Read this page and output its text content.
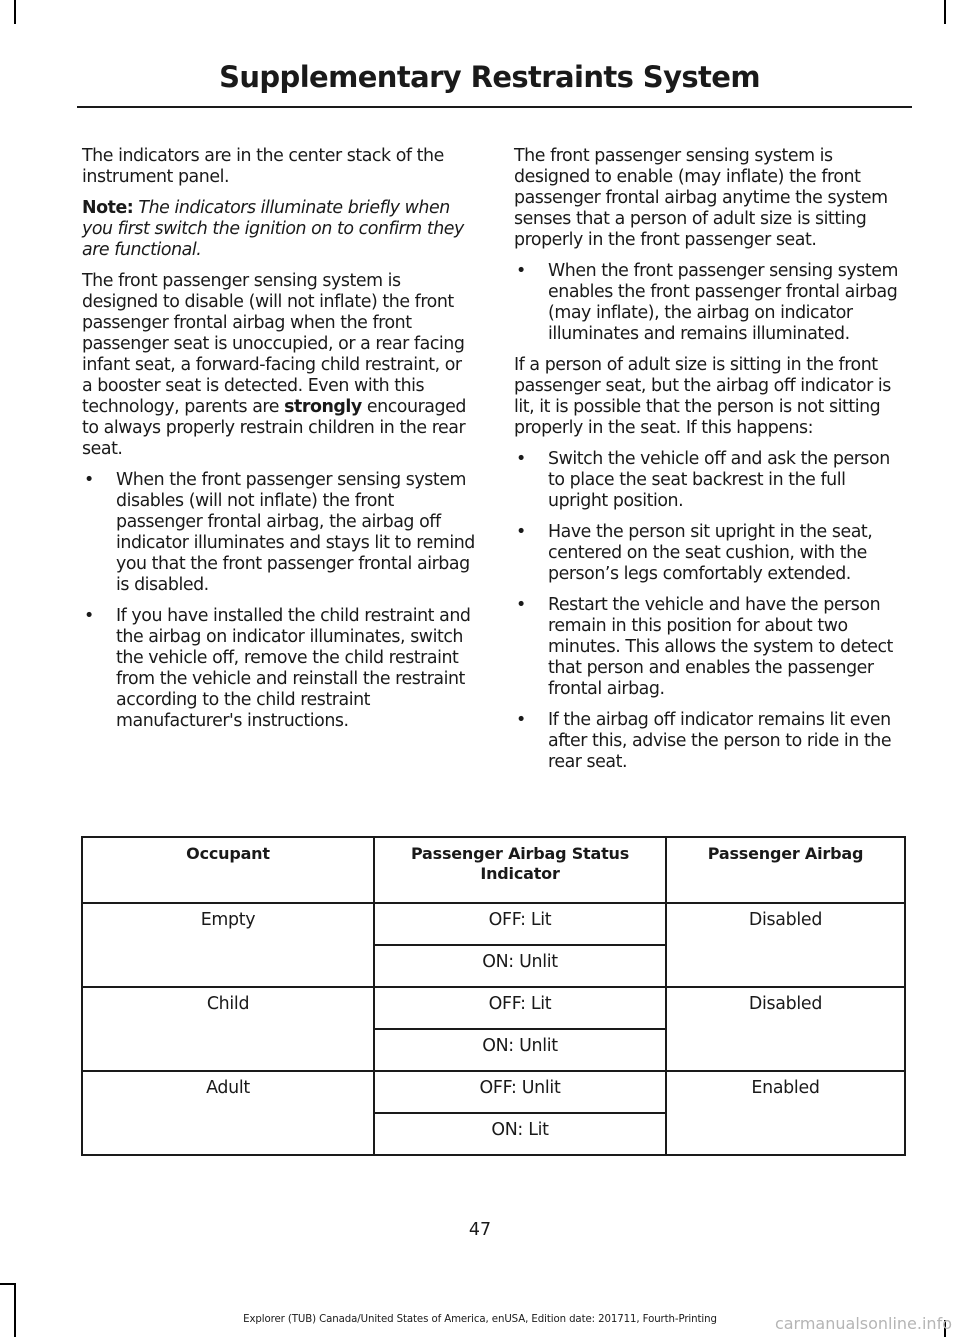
Supplementary Restraints System

The indicators are in the center stack of the instrument panel.

Note: The indicators illuminate briefly when you first switch the ignition on to confirm they are functional.

The front passenger sensing system is designed to disable (will not inflate) the front passenger frontal airbag when the front passenger seat is unoccupied, or a rear facing infant seat, a forward-facing child restraint, or a booster seat is detected. Even with this technology, parents are strongly encouraged to always properly restrain children in the rear seat.

• When the front passenger sensing system disables (will not inflate) the front passenger frontal airbag, the airbag off indicator illuminates and stays lit to remind you that the front passenger frontal airbag is disabled.
• If you have installed the child restraint and the airbag on indicator illuminates, switch the vehicle off, remove the child restraint from the vehicle and reinstall the restraint according to the child restraint manufacturer's instructions.

The front passenger sensing system is designed to enable (may inflate) the front passenger frontal airbag anytime the system senses that a person of adult size is sitting properly in the front passenger seat.

• When the front passenger sensing system enables the front passenger frontal airbag (may inflate), the airbag on indicator illuminates and remains illuminated.

If a person of adult size is sitting in the front passenger seat, but the airbag off indicator is lit, it is possible that the person is not sitting properly in the seat. If this happens:

• Switch the vehicle off and ask the person to place the seat backrest in the full upright position.
• Have the person sit upright in the seat, centered on the seat cushion, with the person’s legs comfortably extended.
• Restart the vehicle and have the person remain in this position for about two minutes. This allows the system to detect that person and enables the passenger frontal airbag.
• If the airbag off indicator remains lit even after this, advise the person to ride in the rear seat.
Occupant	Passenger Airbag Status Indicator	Passenger Airbag
Empty	OFF: Lit	Disabled
	ON: Unlit	
Child	OFF: Lit	Disabled
	ON: Unlit	
Adult	OFF: Unlit	Enabled
	ON: Lit	
47
Explorer (TUB) Canada/United States of America, enUSA, Edition date: 201711, Fourth-Printing	carmanualsonline.info
